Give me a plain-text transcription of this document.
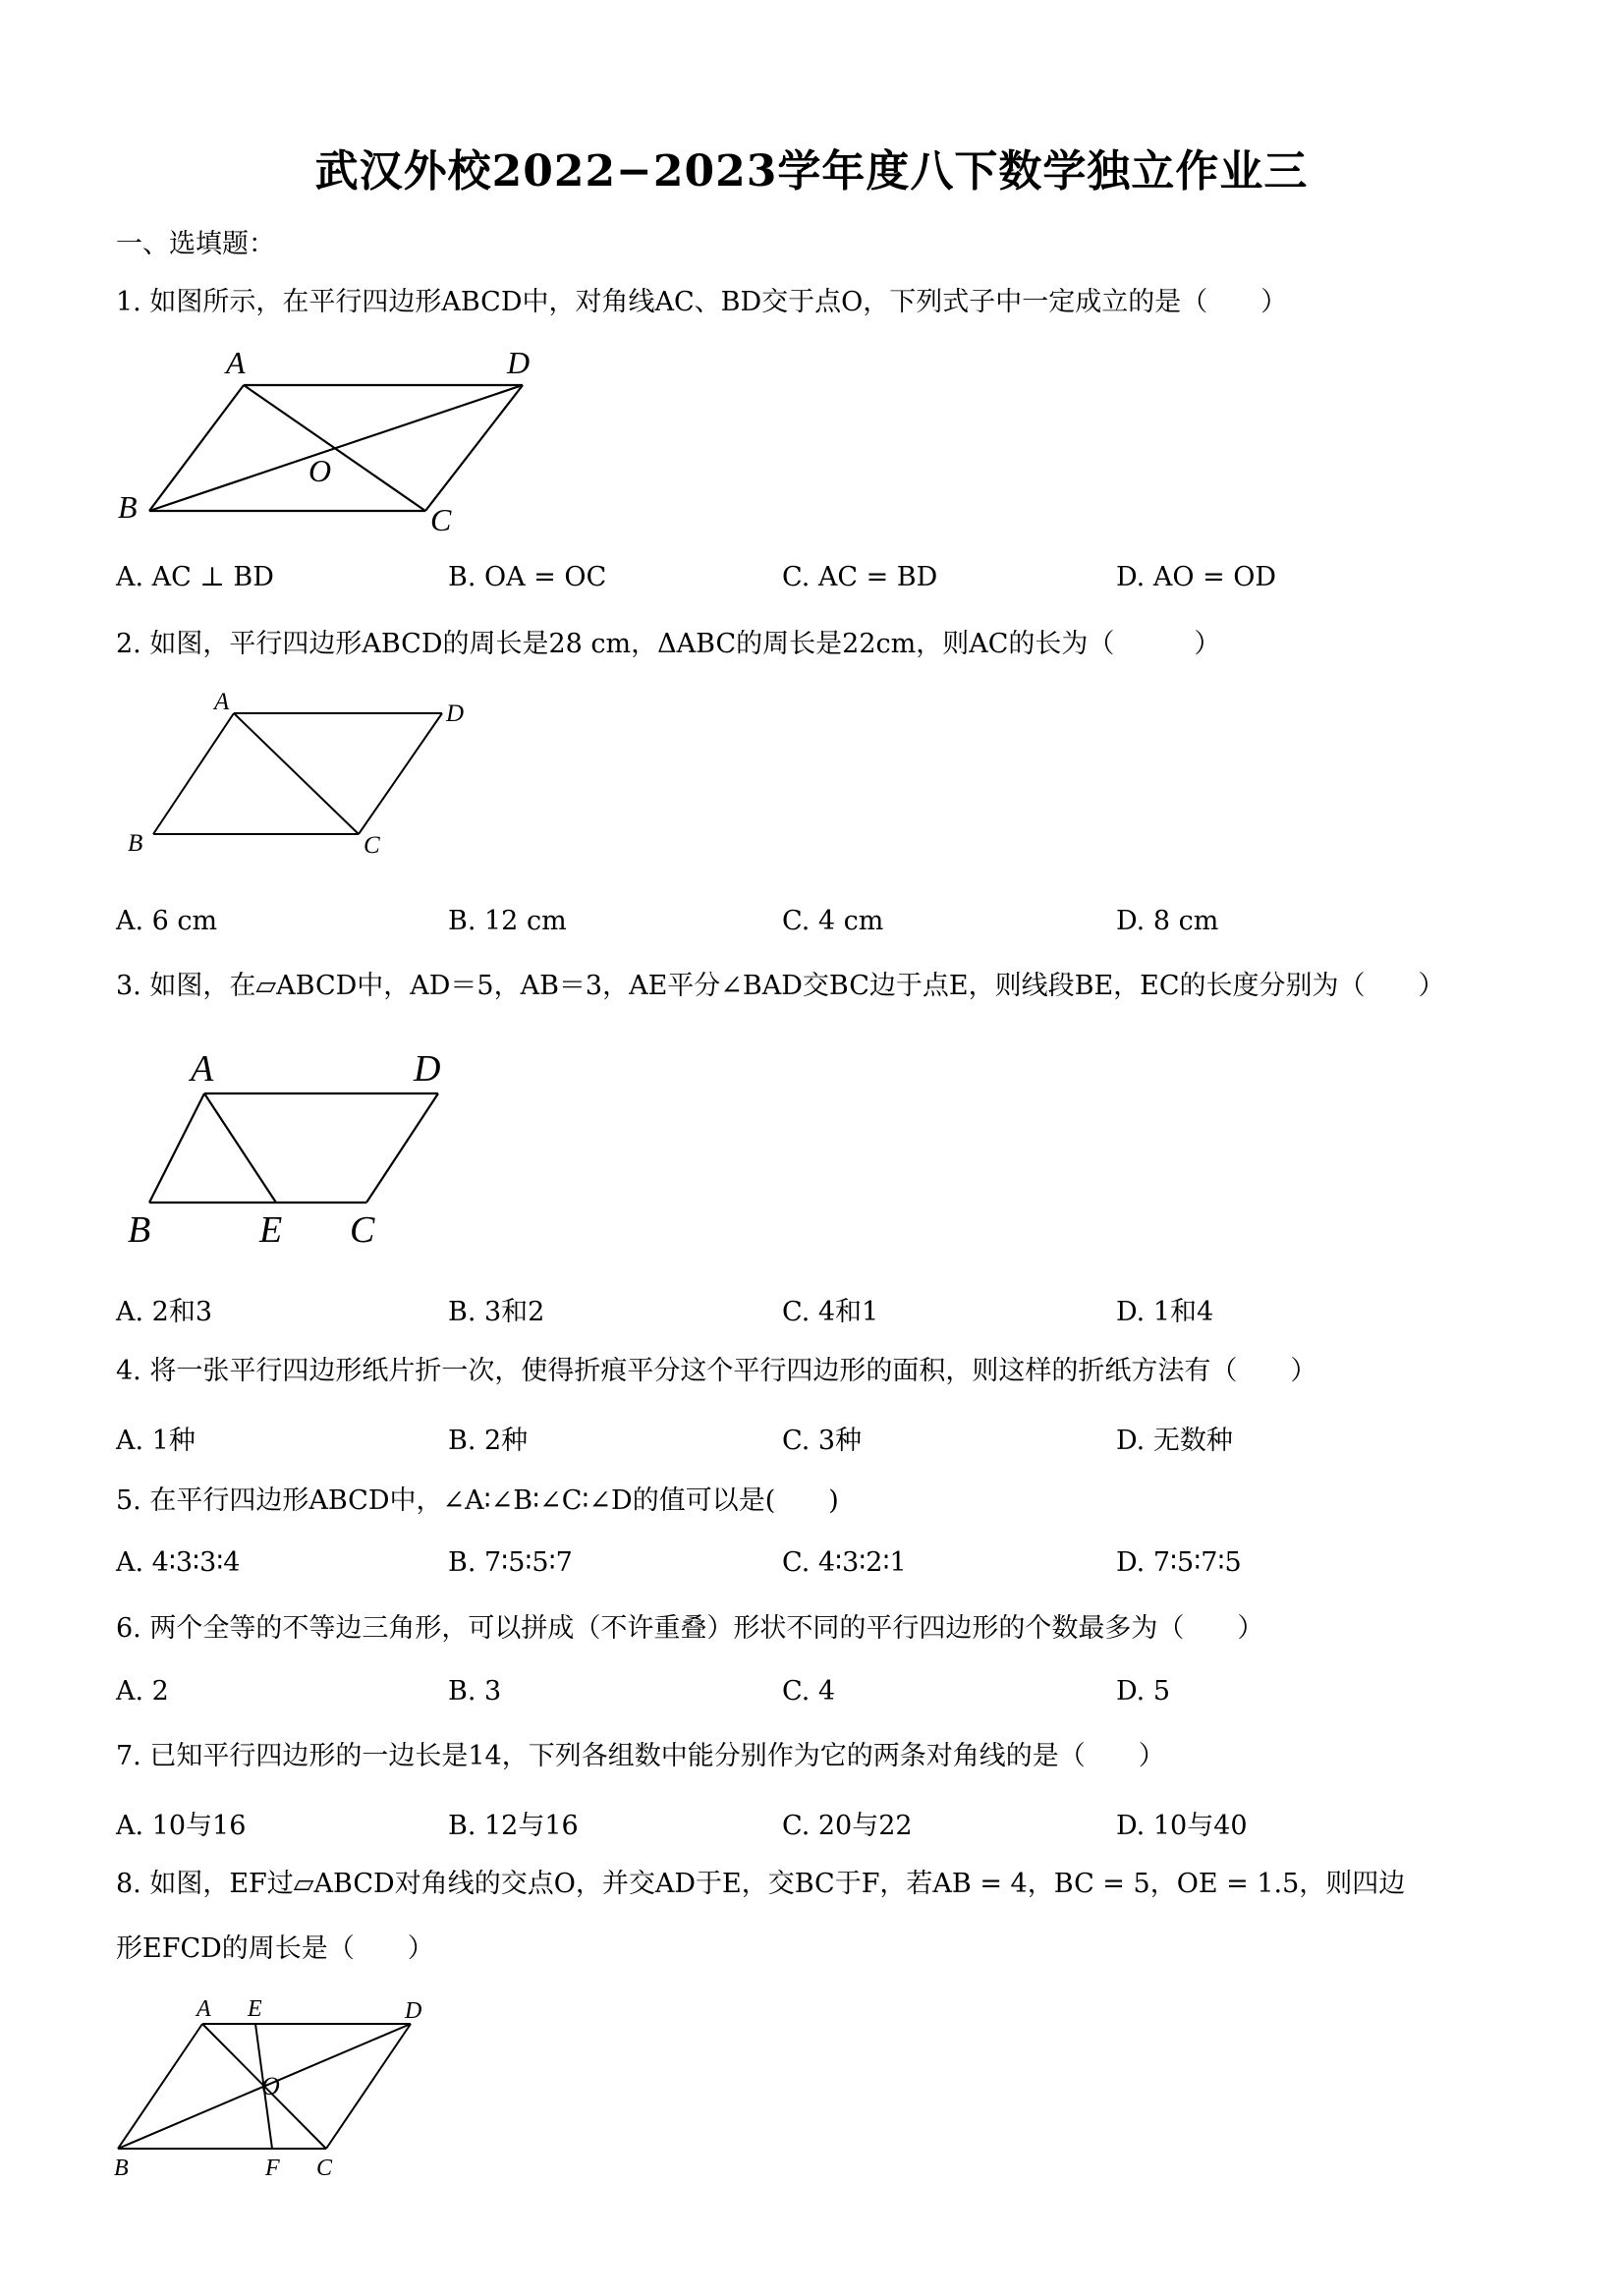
武汉外校2022−2023学年度八下数学独立作业三
一、选填题：
1. 如图所示，在平行四边形ABCD中，对角线AC、BD交于点O，下列式子中一定成立的是（　　）
A	D
B	C
O
A. AC ⊥ BD	B. OA = OC	C. AC = BD	D. AO = OD
2. 如图，平行四边形ABCD的周长是28 cm，ΔABC的周长是22cm，则AC的长为（　　　）
A	D
B	C
A. 6 cm	B. 12 cm	C. 4 cm	D. 8 cm
3. 如图，在▱ABCD中，AD＝5，AB＝3，AE平分∠BAD交BC边于点E，则线段BE，EC的长度分别为（　　）
A	D
B	E C
A. 2和3	B. 3和2	C. 4和1	D. 1和4
4. 将一张平行四边形纸片折一次，使得折痕平分这个平行四边形的面积，则这样的折纸方法有（　　）
A. 1种	B. 2种	C. 3种	D. 无数种
5. 在平行四边形ABCD中，∠A∶∠B∶∠C∶∠D的值可以是(　　)
A. 4∶3∶3∶4	B. 7∶5∶5∶7	C. 4∶3∶2∶1	D. 7∶5∶7∶5
6. 两个全等的不等边三角形，可以拼成（不许重叠）形状不同的平行四边形的个数最多为（　　）
A. 2	B. 3	C. 4	D. 5
7. 已知平行四边形的一边长是14，下列各组数中能分别作为它的两条对角线的是（　　）
A. 10与16	B. 12与16	C. 20与22	D. 10与40
8. 如图，EF过▱ABCD对角线的交点O，并交AD于E，交BC于F，若AB = 4，BC = 5，OE = 1.5，则四边
形EFCD的周长是（　　）
A E	D
O
B	F C
